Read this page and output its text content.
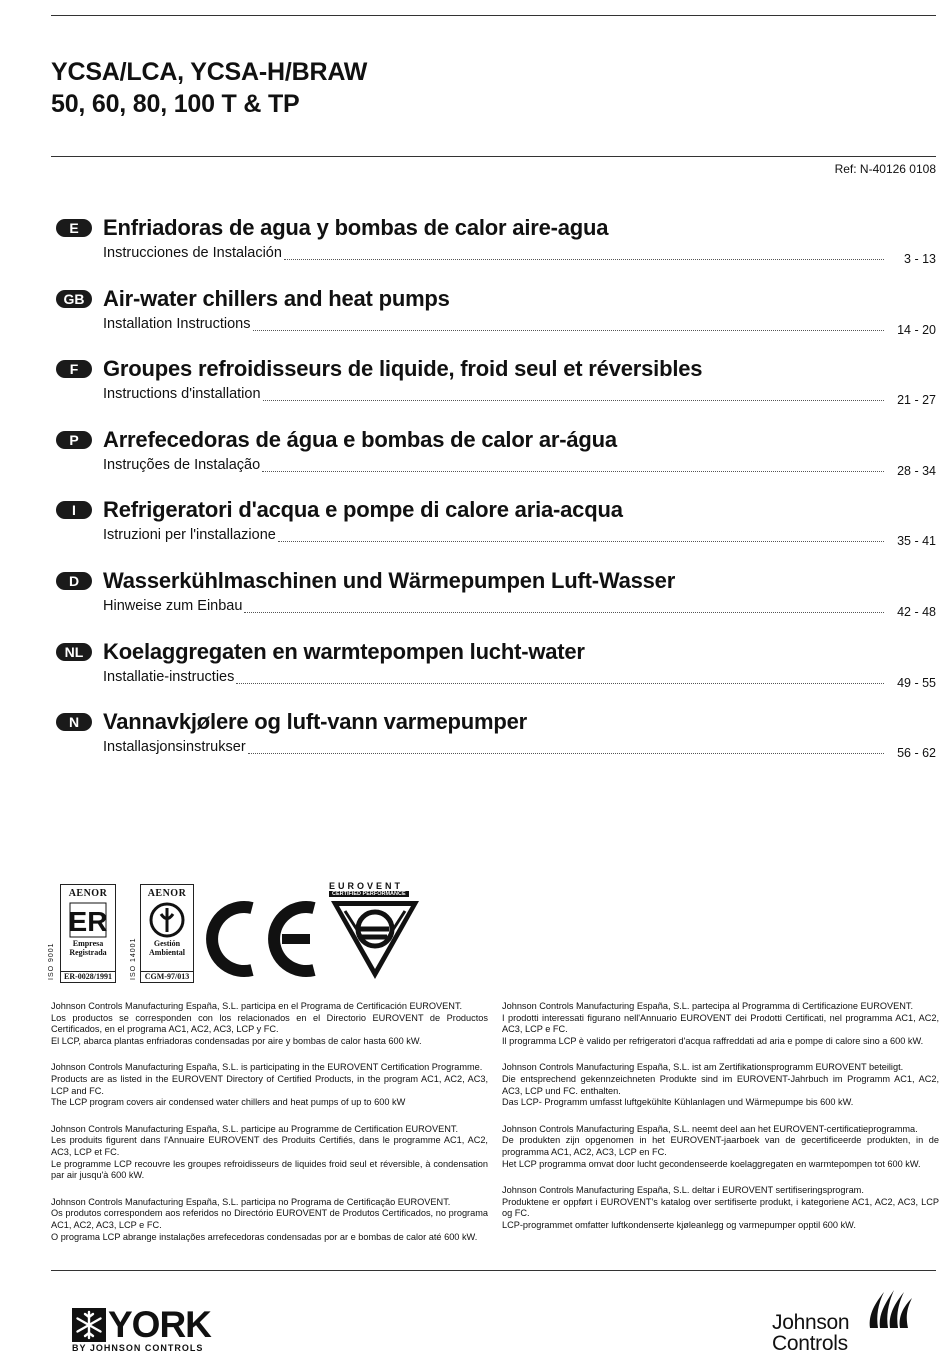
YCSA/LCA, YCSA-H/BRAW
50, 60, 80, 100 T & TP
Ref: N-40126 0108
E	Enfriadoras de agua y bombas de calor aire-agua
Instrucciones de Instalación	3 - 13
GB Air-water chillers and heat pumps
Installation Instructions	14 - 20
F	Groupes refroidisseurs de liquide, froid seul et réversibles
Instructions d'installation	21 - 27
P	Arrefecedoras de água e bombas de calor ar-água
Instruções de Instalação	28 - 34
I	Refrigeratori d'acqua e pompe di calore aria-acqua
Istruzioni per l'installazione	35 - 41
D	Wasserkühlmaschinen und Wärmepumpen Luft-Wasser
Hinweise zum Einbau	42 - 48
NL Koelaggregaten en warmtepompen lucht-water
Installatie-instructies	49 - 55
N	Vannavkjølere og luft-vann varmepumper
Installasjonsinstrukser	56 - 62
ISO 9001
AENOR
ER
Empresa
Registrada
ER-0028/1991	ISO 14001
AENOR
Gestión
Ambiental
CGM-97/013
EUROVENT
CERTIFIED PERFORMANCE

Johnson Controls Manufacturing España, S.L. participa en el Programa de Certificación EUROVENT.

Los productos se corresponden con los relacionados en el Directorio EUROVENT de Productos Certificados, en el programa AC1, AC2, AC3, LCP y FC.

El LCP, abarca plantas enfriadoras condensadas por aire y bombas de calor hasta 600 kW.

Johnson Controls Manufacturing España, S.L. is participating in the EUROVENT Certification Programme.

Products are as listed in the EUROVENT Directory of Certified Products, in the program AC1, AC2, AC3, LCP and FC.

The LCP program covers air condensed water chillers and heat pumps of up to 600 kW

Johnson Controls Manufacturing España, S.L. participe au Programme de Certification EUROVENT.

Les produits figurent dans l'Annuaire EUROVENT des Produits Certifiés, dans le programme AC1, AC2, AC3, LCP et FC.

Le programme LCP recouvre les groupes refroidisseurs de liquides froid seul et réversible, à condensation par air jusqu'à 600 kW.

Johnson Controls Manufacturing España, S.L. participa no Programa de Certificação EUROVENT.

Os produtos correspondem aos referidos no Directório EUROVENT de Produtos Certificados, no programa AC1, AC2, AC3, LCP e FC.

O programa LCP abrange instalações arrefecedoras condensadas por ar e bombas de calor até 600 kW.

Johnson Controls Manufacturing España, S.L. partecipa al Programma di Certificazione EUROVENT.

I prodotti interessati figurano nell'Annuario EUROVENT dei Prodotti Certificati, nel programma AC1, AC2, AC3, LCP e FC.

Il programma LCP è valido per refrigeratori d'acqua raffreddati ad aria e pompe di calore sino a 600 kW.

Johnson Controls Manufacturing España, S.L. ist am Zertifikationsprogramm EUROVENT beteiligt.

Die entsprechend gekennzeichneten Produkte sind im EUROVENT-Jahrbuch im Programm AC1, AC2, AC3, LCP und FC. enthalten.

Das LCP- Programm umfasst luftgekühlte Kühlanlagen und Wärmepumpe bis 600 kW.

Johnson Controls Manufacturing España, S.L. neemt deel aan het EUROVENT-certificatieprogramma.

De produkten zijn opgenomen in het EUROVENT-jaarboek van de gecertificeerde produkten, in de programma AC1, AC2, AC3, LCP en FC.

Het LCP programma omvat door lucht gecondenseerde koelaggregaten en warmtepompen tot 600 kW.

Johnson Controls Manufacturing España, S.L. deltar i EUROVENT sertifiseringsprogram.

Produktene er oppført i EUROVENT's katalog over sertifiserte produkt, i kategoriene AC1, AC2, AC3, LCP og FC.

LCP-programmet omfatter luftkondenserte kjøleanlegg og varmepumper opptil 600 kW.

YORK
BY JOHNSON CONTROLS
Johnson
Controls
